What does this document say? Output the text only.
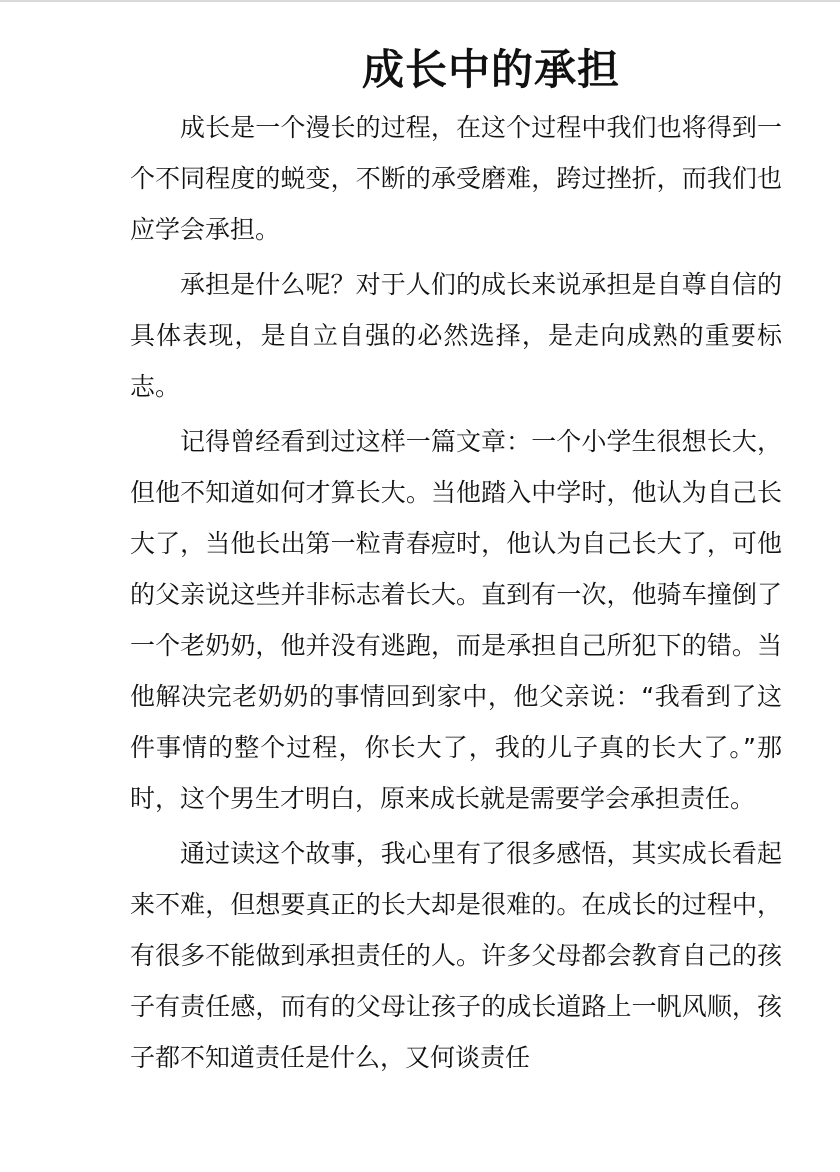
成长中的承担

成长是一个漫长的过程，在这个过程中我们也将得到一个不同程度的蜕变，不断的承受磨难，跨过挫折，而我们也应学会承担。

承担是什么呢？对于人们的成长来说承担是自尊自信的具体表现，是自立自强的必然选择，是走向成熟的重要标志。

记得曾经看到过这样一篇文章：一个小学生很想长大，但他不知道如何才算长大。当他踏入中学时，他认为自己长大了，当他长出第一粒青春痘时，他认为自己长大了，可他的父亲说这些并非标志着长大。直到有一次，他骑车撞倒了一个老奶奶，他并没有逃跑，而是承担自己所犯下的错。当他解决完老奶奶的事情回到家中，他父亲说：“我看到了这件事情的整个过程，你长大了，我的儿子真的长大了。”那时，这个男生才明白，原来成长就是需要学会承担责任。

通过读这个故事，我心里有了很多感悟，其实成长看起来不难，但想要真正的长大却是很难的。在成长的过程中，有很多不能做到承担责任的人。许多父母都会教育自己的孩子有责任感，而有的父母让孩子的成长道路上一帆风顺，孩子都不知道责任是什么，又何谈责任
